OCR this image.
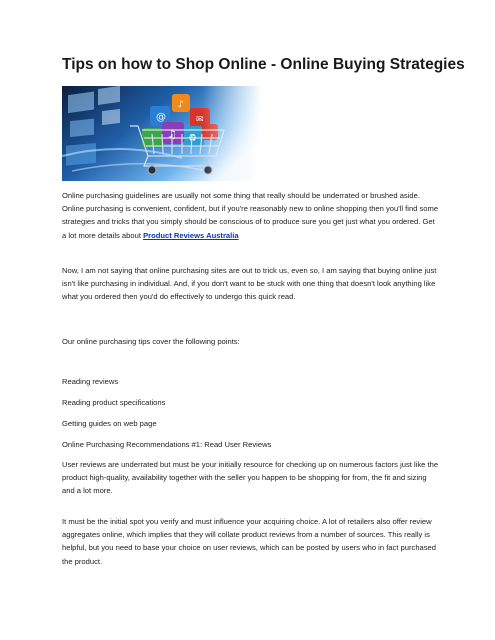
Tips on how to Shop Online - Online Buying Strategies

Online purchasing guidelines are usually not some thing that really should be underrated or brushed aside. Online purchasing is convenient, confident, but if you're reasonably new to online shopping then you'll find some strategies and tricks that you simply should be conscious of to produce sure you get just what you ordered. Get a lot more details about Product Reviews Australia

Now, I am not saying that online purchasing sites are out to trick us, even so, I am saying that buying online just isn't like purchasing in individual. And, if you don't want to be stuck with one thing that doesn't look anything like what you ordered then you'd do effectively to undergo this quick read.

Our online purchasing tips cover the following points:

Reading reviews

Reading product specifications

Getting guides on web page

Online Purchasing Recommendations #1: Read User Reviews

User reviews are underrated but must be your initially resource for checking up on numerous factors just like the product high-quality, availability together with the seller you happen to be shopping for from, the fit and sizing and a lot more.

It must be the initial spot you verify and must influence your acquiring choice. A lot of retailers also offer review aggregates online, which implies that they will collate product reviews from a number of sources. This really is helpful, but you need to base your choice on user reviews, which can be posted by users who in fact purchased the product.
